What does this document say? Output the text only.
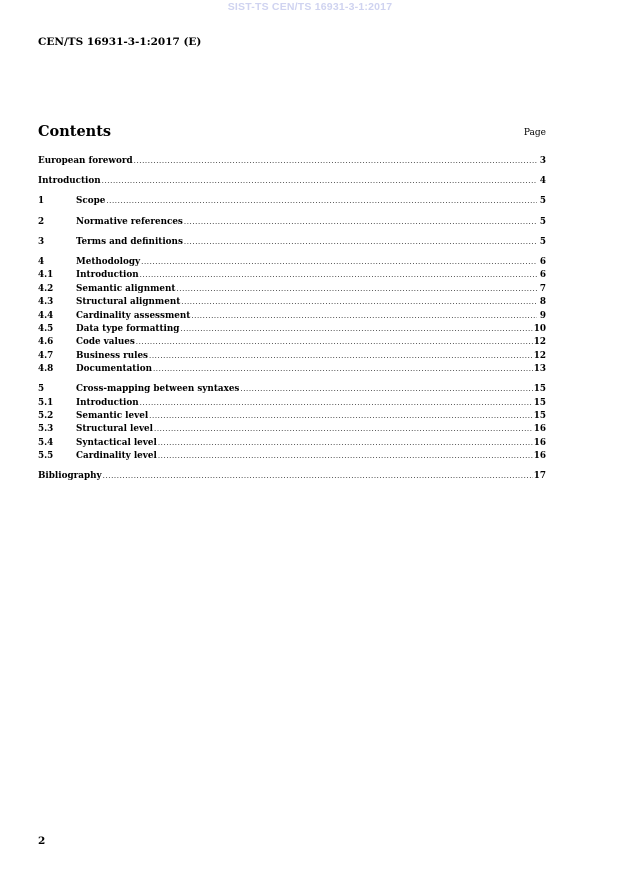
SIST-TS CEN/TS 16931-3-1:2017
CEN/TS 16931-3-1:2017 (E)
Contents	Page
European foreword .....	3
Introduction .....	4
1	Scope .....	5
2	Normative references .....	5
3	Terms and definitions .....	5
4	Methodology .....	6
4.1	Introduction .....	6
4.2	Semantic alignment .....	7
4.3	Structural alignment .....	8
4.4	Cardinality assessment .....	9
4.5	Data type formatting .....	10
4.6	Code values .....	12
4.7	Business rules .....	12
4.8	Documentation .....	13
5	Cross-mapping between syntaxes .....	15
5.1	Introduction .....	15
5.2	Semantic level .....	15
5.3	Structural level .....	16
5.4	Syntactical level .....	16
5.5	Cardinality level .....	16
Bibliography .....	17
2
